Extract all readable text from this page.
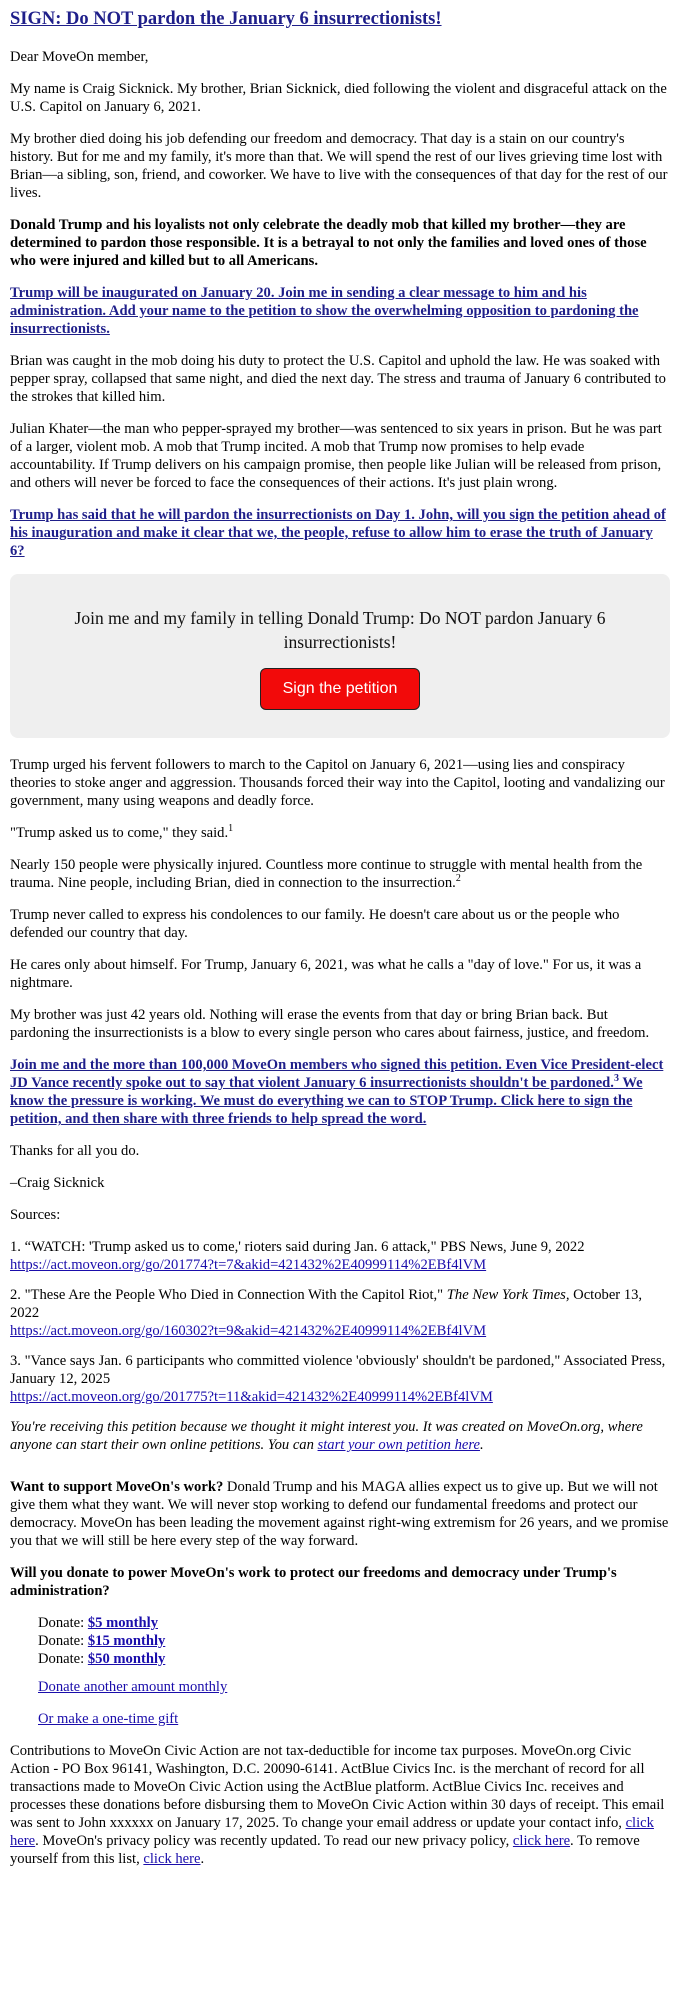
SIGN: Do NOT pardon the January 6 insurrectionists!

Dear MoveOn member,

My name is Craig Sicknick. My brother, Brian Sicknick, died following the violent and disgraceful attack on the U.S. Capitol on January 6, 2021.

My brother died doing his job defending our freedom and democracy. That day is a stain on our country's history. But for me and my family, it's more than that. We will spend the rest of our lives grieving time lost with Brian—a sibling, son, friend, and coworker. We have to live with the consequences of that day for the rest of our lives.

Donald Trump and his loyalists not only celebrate the deadly mob that killed my brother—they are determined to pardon those responsible. It is a betrayal to not only the families and loved ones of those who were injured and killed but to all Americans.

Trump will be inaugurated on January 20. Join me in sending a clear message to him and his administration. Add your name to the petition to show the overwhelming opposition to pardoning the insurrectionists.

Brian was caught in the mob doing his duty to protect the U.S. Capitol and uphold the law. He was soaked with pepper spray, collapsed that same night, and died the next day. The stress and trauma of January 6 contributed to the strokes that killed him.

Julian Khater—the man who pepper-sprayed my brother—was sentenced to six years in prison. But he was part of a larger, violent mob. A mob that Trump incited. A mob that Trump now promises to help evade accountability. If Trump delivers on his campaign promise, then people like Julian will be released from prison, and others will never be forced to face the consequences of their actions. It's just plain wrong.

Trump has said that he will pardon the insurrectionists on Day 1. John, will you sign the petition ahead of his inauguration and make it clear that we, the people, refuse to allow him to erase the truth of January 6?

Join me and my family in telling Donald Trump: Do NOT pardon January 6 insurrectionists!
Sign the petition

Trump urged his fervent followers to march to the Capitol on January 6, 2021—using lies and conspiracy theories to stoke anger and aggression. Thousands forced their way into the Capitol, looting and vandalizing our government, many using weapons and deadly force.

"Trump asked us to come," they said.$^1$

Nearly 150 people were physically injured. Countless more continue to struggle with mental health from the trauma. Nine people, including Brian, died in connection to the insurrection.$^2$

Trump never called to express his condolences to our family. He doesn't care about us or the people who defended our country that day.

He cares only about himself. For Trump, January 6, 2021, was what he calls a "day of love." For us, it was a nightmare.

My brother was just 42 years old. Nothing will erase the events from that day or bring Brian back. But pardoning the insurrectionists is a blow to every single person who cares about fairness, justice, and freedom.

Join me and the more than 100,000 MoveOn members who signed this petition. Even Vice President-elect JD Vance recently spoke out to say that violent January 6 insurrectionists shouldn't be pardoned.$^3$ We know the pressure is working. We must do everything we can to STOP Trump. Click here to sign the petition, and then share with three friends to help spread the word.

Thanks for all you do.

–Craig Sicknick

Sources:

1. “WATCH: 'Trump asked us to come,' rioters said during Jan. 6 attack," PBS News, June 9, 2022
https://act.moveon.org/go/201774?t=7&akid=421432%2E40999114%2EBf4lVM

2. "These Are the People Who Died in Connection With the Capitol Riot," The New York Times, October 13, 2022
https://act.moveon.org/go/160302?t=9&akid=421432%2E40999114%2EBf4lVM

3. "Vance says Jan. 6 participants who committed violence 'obviously' shouldn't be pardoned," Associated Press, January 12, 2025
https://act.moveon.org/go/201775?t=11&akid=421432%2E40999114%2EBf4lVM

You're receiving this petition because we thought it might interest you. It was created on MoveOn.org, where anyone can start their own online petitions. You can start your own petition here.

Want to support MoveOn's work? Donald Trump and his MAGA allies expect us to give up. But we will not give them what they want. We will never stop working to defend our fundamental freedoms and protect our democracy. MoveOn has been leading the movement against right-wing extremism for 26 years, and we promise you that we will still be here every step of the way forward.

Will you donate to power MoveOn's work to protect our freedoms and democracy under Trump's administration?

Donate: $5 monthly

Donate: $15 monthly

Donate: $50 monthly

Donate another amount monthly

Or make a one-time gift

Contributions to MoveOn Civic Action are not tax-deductible for income tax purposes. MoveOn.org Civic Action - PO Box 96141, Washington, D.C. 20090-6141. ActBlue Civics Inc. is the merchant of record for all transactions made to MoveOn Civic Action using the ActBlue platform. ActBlue Civics Inc. receives and processes these donations before disbursing them to MoveOn Civic Action within 30 days of receipt. This email was sent to John xxxxxx on January 17, 2025. To change your email address or update your contact info, click here. MoveOn's privacy policy was recently updated. To read our new privacy policy, click here. To remove yourself from this list, click here.
